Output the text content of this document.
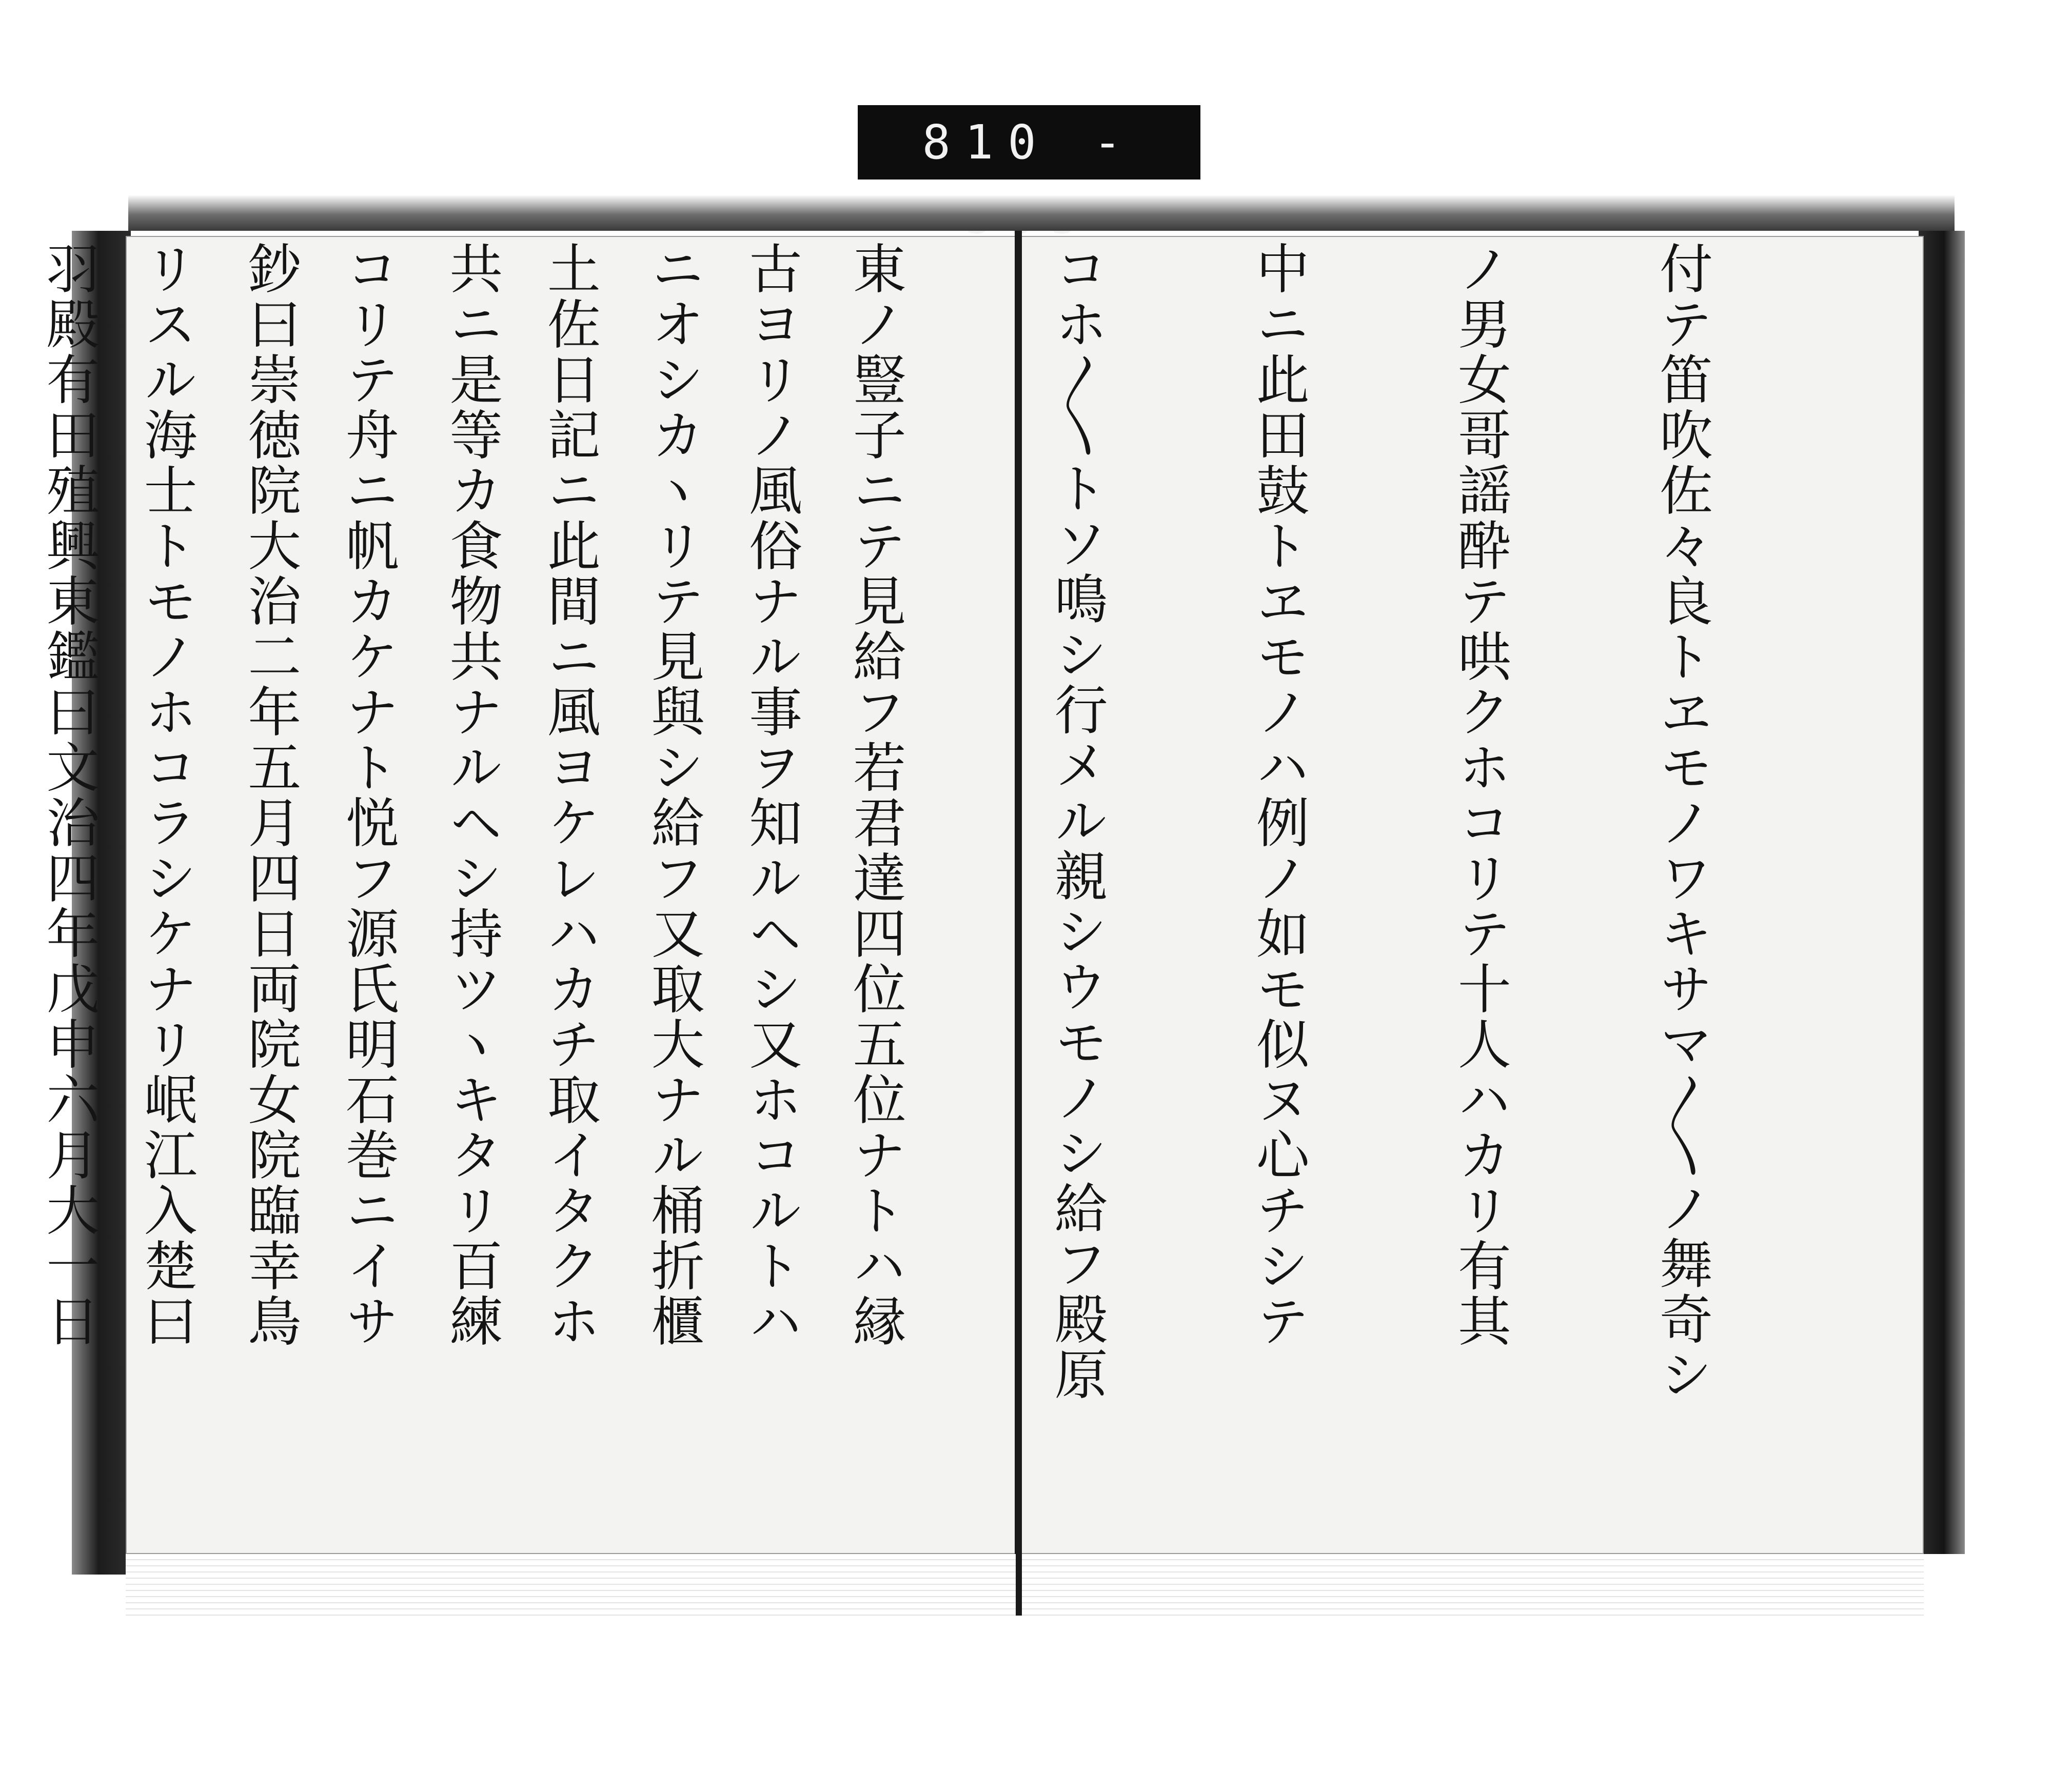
810 -

付テ笛吹佐々良トヱモノワキサマ〳〵ノ舞奇シ

ノ男女哥謡酔テ哄クホコリテ十人ハカリ有其

中ニ此田鼓トヱモノハ例ノ如モ似ヌ心チシテ

コホ〳〵トソ鳴シ行メル親シウモノシ給フ殿原

東ノ豎子ニテ見給フ若君達四位五位ナトハ縁

ニオシカヽリテ見與シ給フ又取大ナル桶折櫃

共ニ是等カ食物共ナルヘシ持ツヽキタリ百練

鈔曰崇徳院大治二年五月四日両院女院臨幸鳥

羽殿有田殖興東鑑曰文治四年戊申六月大一日

	古ヨリノ風俗ナル事ヲ知ルヘシ又ホコルトハ

土佐日記ニ此間ニ風ヨケレハカチ取イタクホ

コリテ舟ニ帆カケナト悦フ源氏明石巻ニイサ

リスル海士トモノホコラシケナリ岷江入楚曰
